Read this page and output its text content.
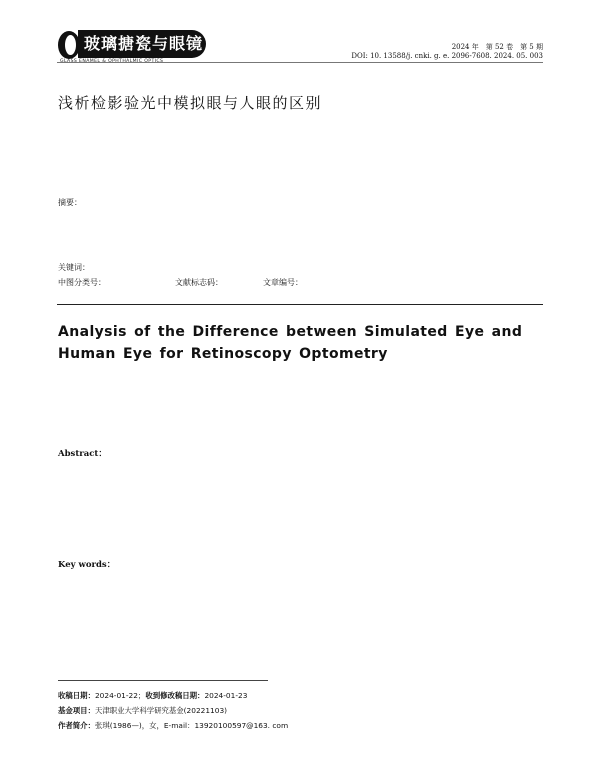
玻璃搪瓷与眼镜
GLASS ENAMEL & OPHTHALMIC OPTICS
2024 年　第 52 卷　第 5 期
DOI: 10. 13588/j. cnki. g. e. 2096-7608. 2024. 05. 003
浅析检影验光中模拟眼与人眼的区别
摘要：
关键词：
中图分类号：	文献标志码：	文章编号：
Analysis of the Difference between Simulated Eye and Human Eye for Retinoscopy Optometry
Abstract：
Key words：
收稿日期：2024-01-22；收到修改稿日期：2024-01-23
基金项目：天津职业大学科学研究基金(20221103)
作者简介：张琪(1986—)，女，E-mail：13920100597@163. com
